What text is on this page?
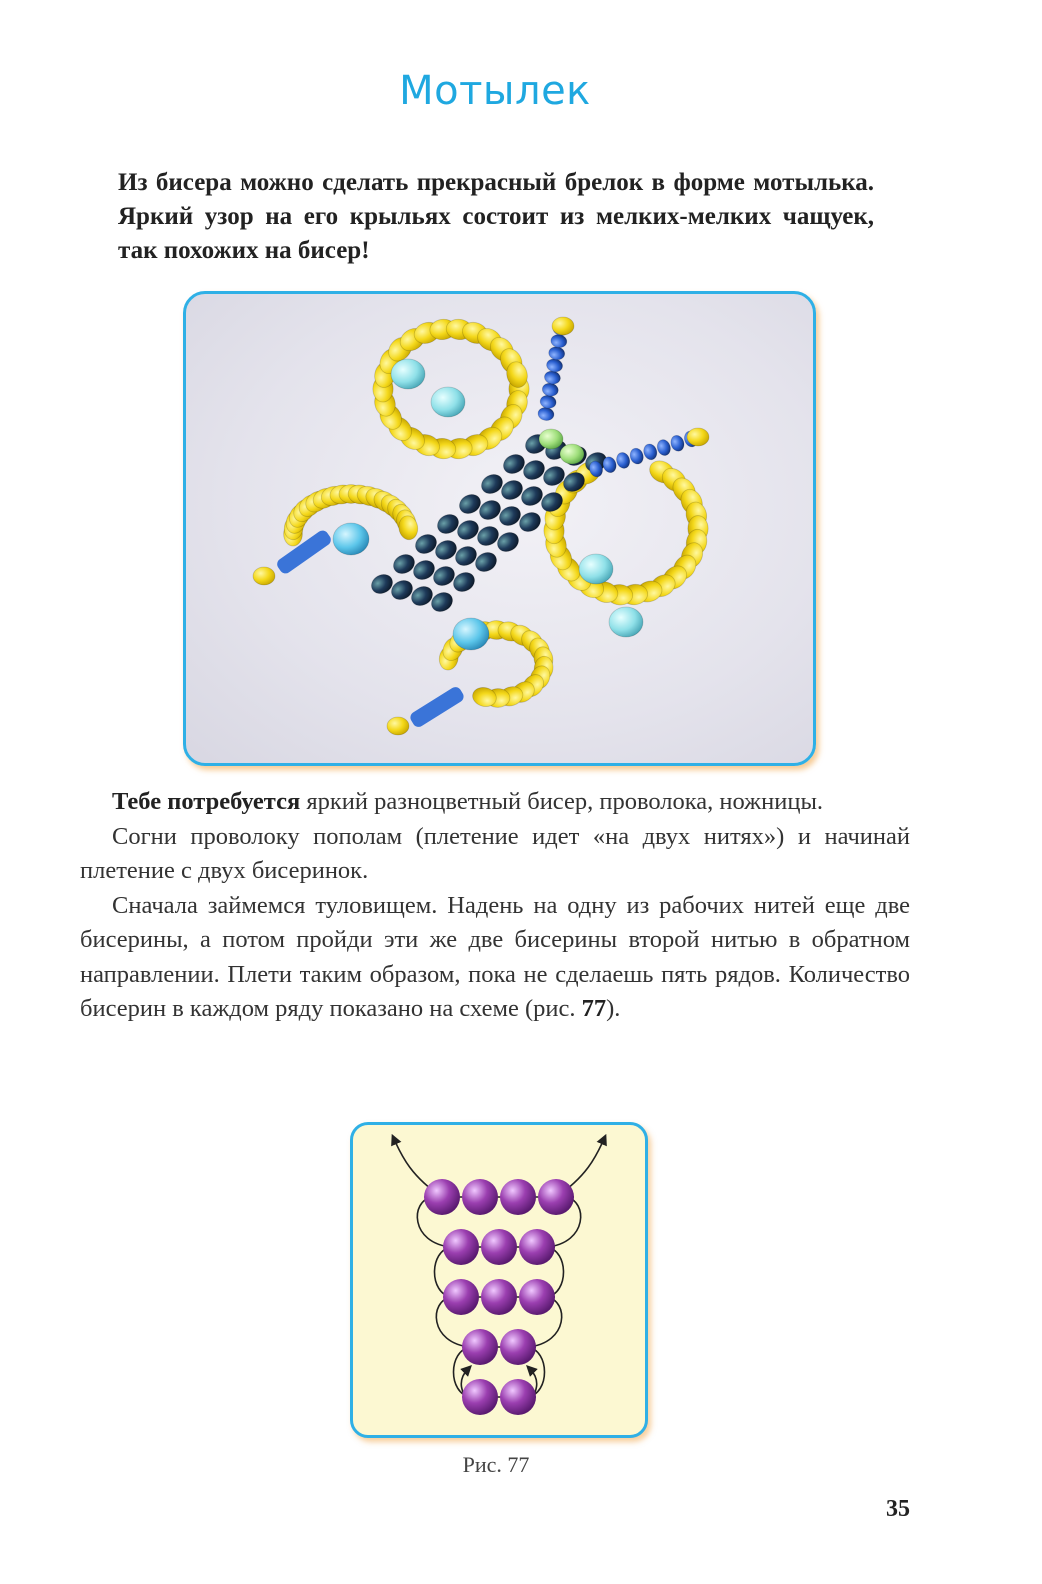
Мотылек
Из бисера можно сделать прекрасный брелок в форме мотылька. Яркий узор на его крыльях состоит из мелких-мелких чащуек, так похожих на бисер!

Тебе потребуется яркий разноцветный бисер, проволока, ножницы.

Согни проволоку пополам (плетение идет «на двух нитях») и начинай плетение с двух бисеринок.

Сначала займемся туловищем. Надень на одну из рабочих нитей еще две бисерины, а потом пройди эти же две бисерины второй нитью в обратном направлении. Плети таким образом, пока не сделаешь пять рядов. Количество бисерин в каждом ряду показано на схеме (рис. 77).

Рис. 77
35
